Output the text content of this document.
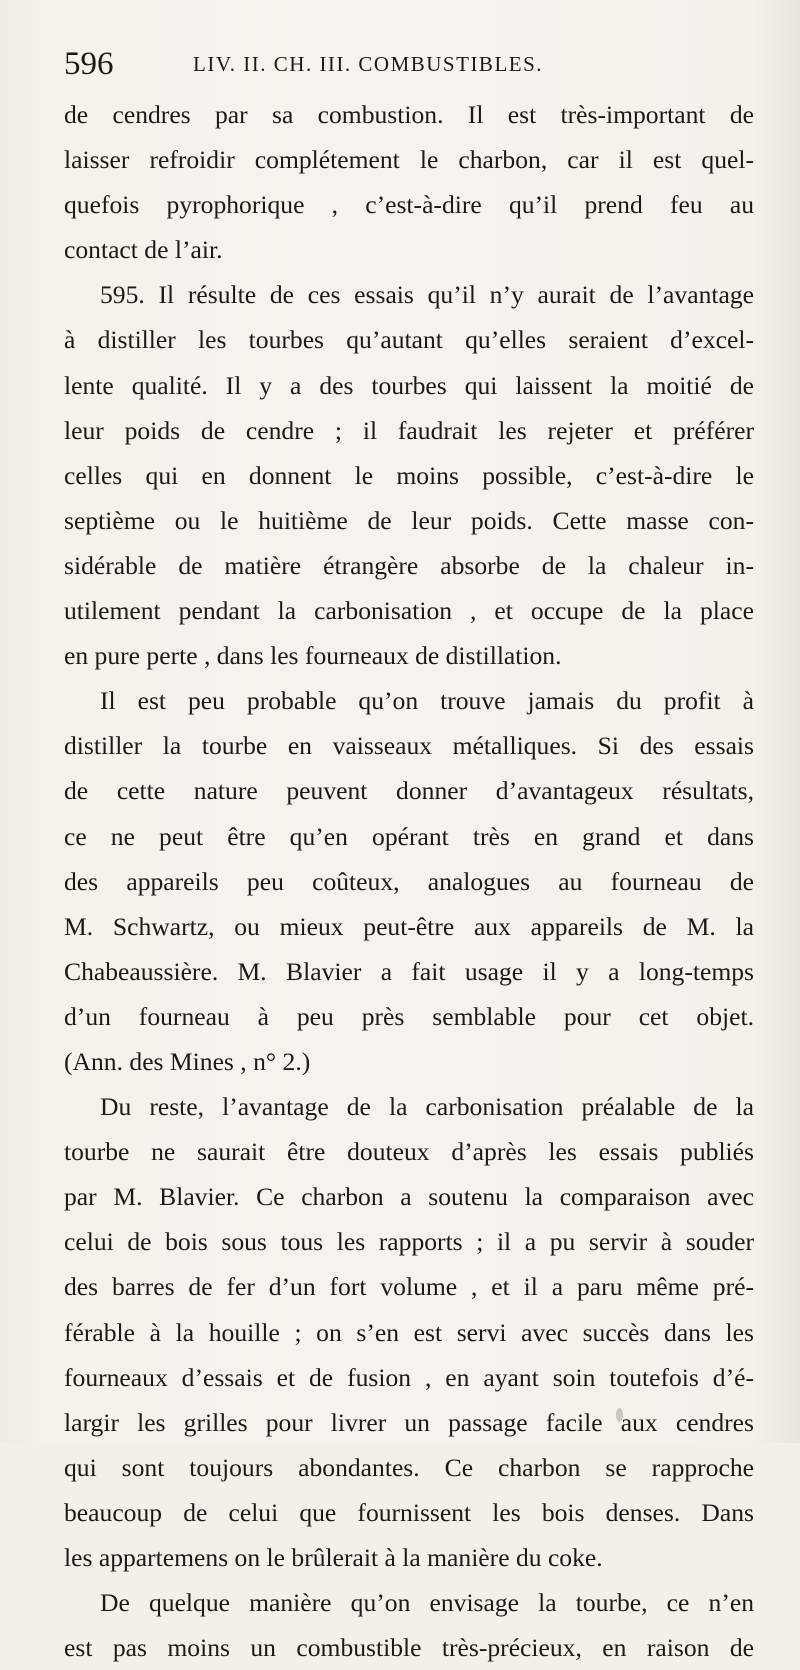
596	LIV. II. CH. III. COMBUSTIBLES.
de cendres par sa combustion. Il est très-important de
laisser refroidir complétement le charbon, car il est quel-
quefois pyrophorique , c’est-à-dire qu’il prend feu au
contact de l’air.
595. Il résulte de ces essais qu’il n’y aurait de l’avantage
à distiller les tourbes qu’autant qu’elles seraient d’excel-
lente qualité. Il y a des tourbes qui laissent la moitié de
leur poids de cendre ; il faudrait les rejeter et préférer
celles qui en donnent le moins possible, c’est-à-dire le
septième ou le huitième de leur poids. Cette masse con-
sidérable de matière étrangère absorbe de la chaleur in-
utilement pendant la carbonisation , et occupe de la place
en pure perte , dans les fourneaux de distillation.
Il est peu probable qu’on trouve jamais du profit à
distiller la tourbe en vaisseaux métalliques. Si des essais
de cette nature peuvent donner d’avantageux résultats,
ce ne peut être qu’en opérant très en grand et dans
des appareils peu coûteux, analogues au fourneau de
M. Schwartz, ou mieux peut-être aux appareils de M. la
Chabeaussière. M. Blavier a fait usage il y a long-temps
d’un fourneau à peu près semblable pour cet objet.
(Ann. des Mines , n° 2.)
Du reste, l’avantage de la carbonisation préalable de la
tourbe ne saurait être douteux d’après les essais publiés
par M. Blavier. Ce charbon a soutenu la comparaison avec
celui de bois sous tous les rapports ; il a pu servir à souder
des barres de fer d’un fort volume , et il a paru même pré-
férable à la houille ; on s’en est servi avec succès dans les
fourneaux d’essais et de fusion , en ayant soin toutefois d’é-
largir les grilles pour livrer un passage facile aux cendres
qui sont toujours abondantes. Ce charbon se rapproche
beaucoup de celui que fournissent les bois denses. Dans
les appartemens on le brûlerait à la manière du coke.
De quelque manière qu’on envisage la tourbe, ce n’en
est pas moins un combustible très-précieux, en raison de
